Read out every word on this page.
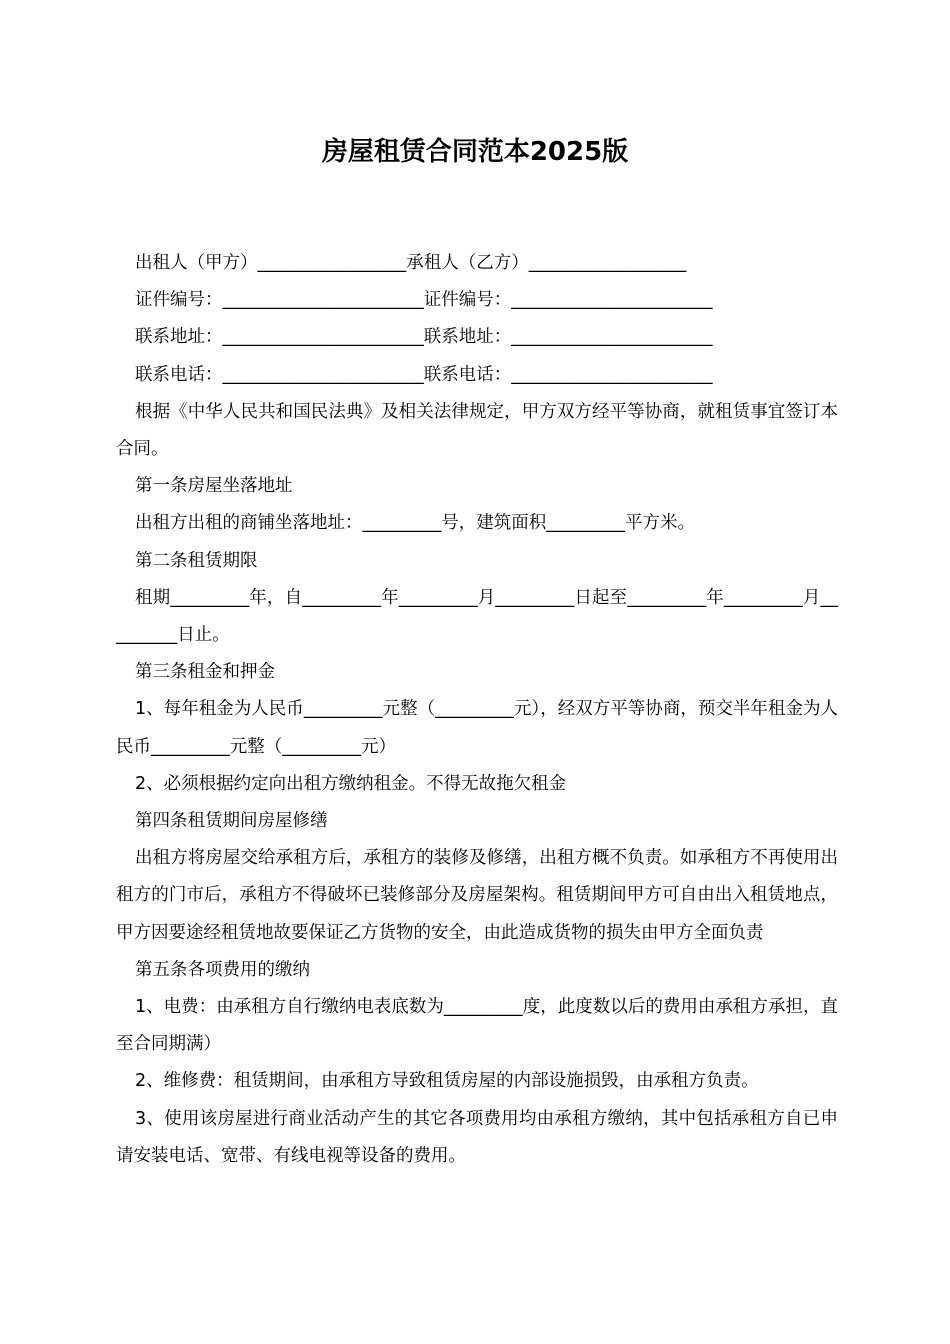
房屋租赁合同范本2025版

出租人（甲方）_________________承租人（乙方）__________________

证件编号：_______________________证件编号：_______________________

联系地址：_______________________联系地址：_______________________

联系电话：_______________________联系电话：_______________________

根据《中华人民共和国民法典》及相关法律规定，甲方双方经平等协商，就租赁事宜签订本合同。

第一条房屋坐落地址

出租方出租的商铺坐落地址：_________号，建筑面积_________平方米。

第二条租赁期限

租期_________年，自_________年_________月_________日起至_________年_________月_________日止。

第三条租金和押金

1、每年租金为人民币_________元整（_________元），经双方平等协商，预交半年租金为人民币_________元整（_________元）

2、必须根据约定向出租方缴纳租金。不得无故拖欠租金

第四条租赁期间房屋修缮

出租方将房屋交给承租方后，承租方的装修及修缮，出租方概不负责。如承租方不再使用出租方的门市后，承租方不得破坏已装修部分及房屋架构。租赁期间甲方可自由出入租赁地点，甲方因要途经租赁地故要保证乙方货物的安全，由此造成货物的损失由甲方全面负责

第五条各项费用的缴纳

1、电费：由承租方自行缴纳电表底数为_________度，此度数以后的费用由承租方承担，直至合同期满）

2、维修费：租赁期间，由承租方导致租赁房屋的内部设施损毁，由承租方负责。

3、使用该房屋进行商业活动产生的其它各项费用均由承租方缴纳，其中包括承租方自已申请安装电话、宽带、有线电视等设备的费用。
